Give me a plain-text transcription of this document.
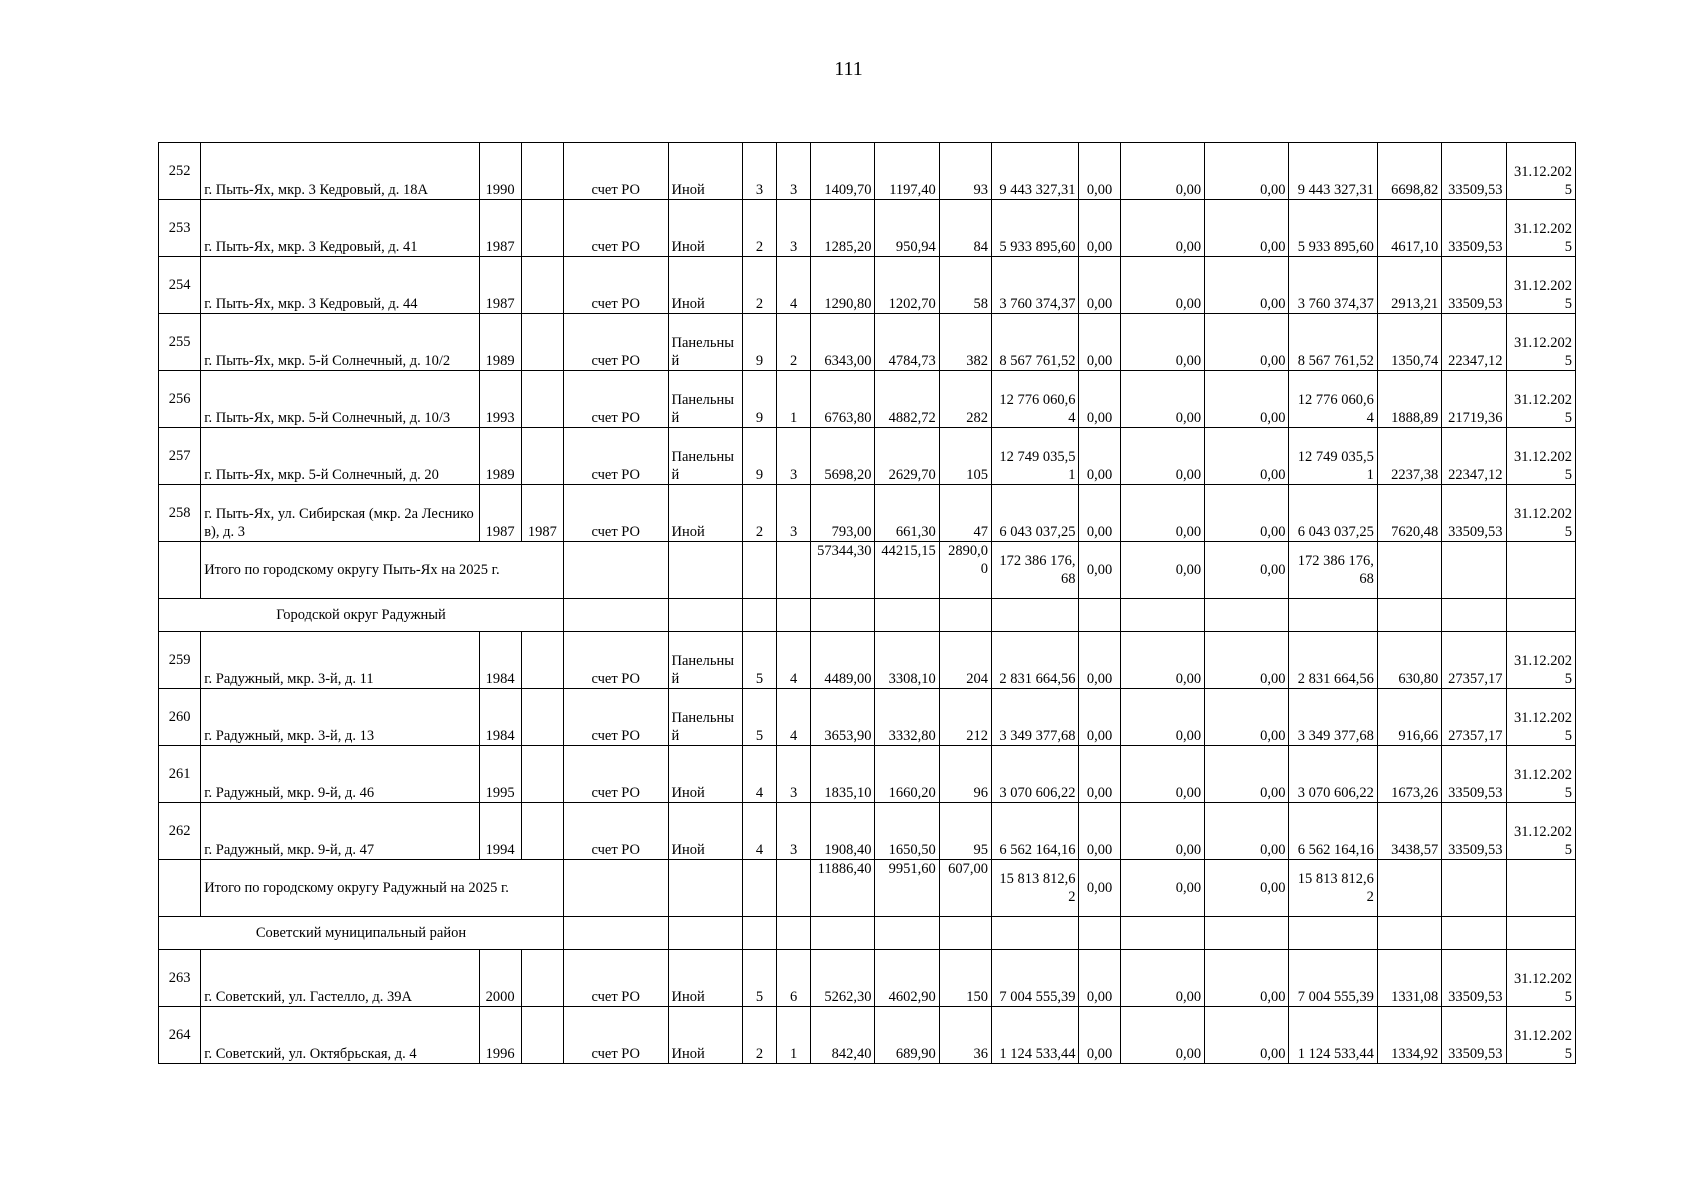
111
252	г. Пыть-Ях, мкр. 3 Кедровый, д. 18А	1990		счет РО	Иной	3	3	1409,70	1197,40	93	9 443 327,31	0,00	0,00	0,00	9 443 327,31	6698,82	33509,53	31.12.2025
253	г. Пыть-Ях, мкр. 3 Кедровый, д. 41	1987		счет РО	Иной	2	3	1285,20	950,94	84	5 933 895,60	0,00	0,00	0,00	5 933 895,60	4617,10	33509,53	31.12.2025
254	г. Пыть-Ях, мкр. 3 Кедровый, д. 44	1987		счет РО	Иной	2	4	1290,80	1202,70	58	3 760 374,37	0,00	0,00	0,00	3 760 374,37	2913,21	33509,53	31.12.2025
255	г. Пыть-Ях, мкр. 5-й Солнечный, д. 10/2	1989		счет РО	Панельный	9	2	6343,00	4784,73	382	8 567 761,52	0,00	0,00	0,00	8 567 761,52	1350,74	22347,12	31.12.2025
256	г. Пыть-Ях, мкр. 5-й Солнечный, д. 10/3	1993		счет РО	Панельный	9	1	6763,80	4882,72	282	12 776 060,64	0,00	0,00	0,00	12 776 060,64	1888,89	21719,36	31.12.2025
257	г. Пыть-Ях, мкр. 5-й Солнечный, д. 20	1989		счет РО	Панельный	9	3	5698,20	2629,70	105	12 749 035,51	0,00	0,00	0,00	12 749 035,51	2237,38	22347,12	31.12.2025
258	г. Пыть-Ях, ул. Сибирская (мкр. 2а Лесников), д. 3	1987	1987	счет РО	Иной	2	3	793,00	661,30	47	6 043 037,25	0,00	0,00	0,00	6 043 037,25	7620,48	33509,53	31.12.2025
	Итого по городскому округу Пыть-Ях на 2025 г.							57344,30	44215,15	2890,00	172 386 176,68	0,00	0,00	0,00	172 386 176,68			
Городской округ Радужный																		
259	г. Радужный, мкр. 3-й, д. 11	1984		счет РО	Панельный	5	4	4489,00	3308,10	204	2 831 664,56	0,00	0,00	0,00	2 831 664,56	630,80	27357,17	31.12.2025
260	г. Радужный, мкр. 3-й, д. 13	1984		счет РО	Панельный	5	4	3653,90	3332,80	212	3 349 377,68	0,00	0,00	0,00	3 349 377,68	916,66	27357,17	31.12.2025
261	г. Радужный, мкр. 9-й, д. 46	1995		счет РО	Иной	4	3	1835,10	1660,20	96	3 070 606,22	0,00	0,00	0,00	3 070 606,22	1673,26	33509,53	31.12.2025
262	г. Радужный, мкр. 9-й, д. 47	1994		счет РО	Иной	4	3	1908,40	1650,50	95	6 562 164,16	0,00	0,00	0,00	6 562 164,16	3438,57	33509,53	31.12.2025
	Итого по городскому округу Радужный на 2025 г.							11886,40	9951,60	607,00	15 813 812,62	0,00	0,00	0,00	15 813 812,62			
Советский муниципальный район																		
263	г. Советский, ул. Гастелло, д. 39А	2000		счет РО	Иной	5	6	5262,30	4602,90	150	7 004 555,39	0,00	0,00	0,00	7 004 555,39	1331,08	33509,53	31.12.2025
264	г. Советский, ул. Октябрьская, д. 4	1996		счет РО	Иной	2	1	842,40	689,90	36	1 124 533,44	0,00	0,00	0,00	1 124 533,44	1334,92	33509,53	31.12.2025
